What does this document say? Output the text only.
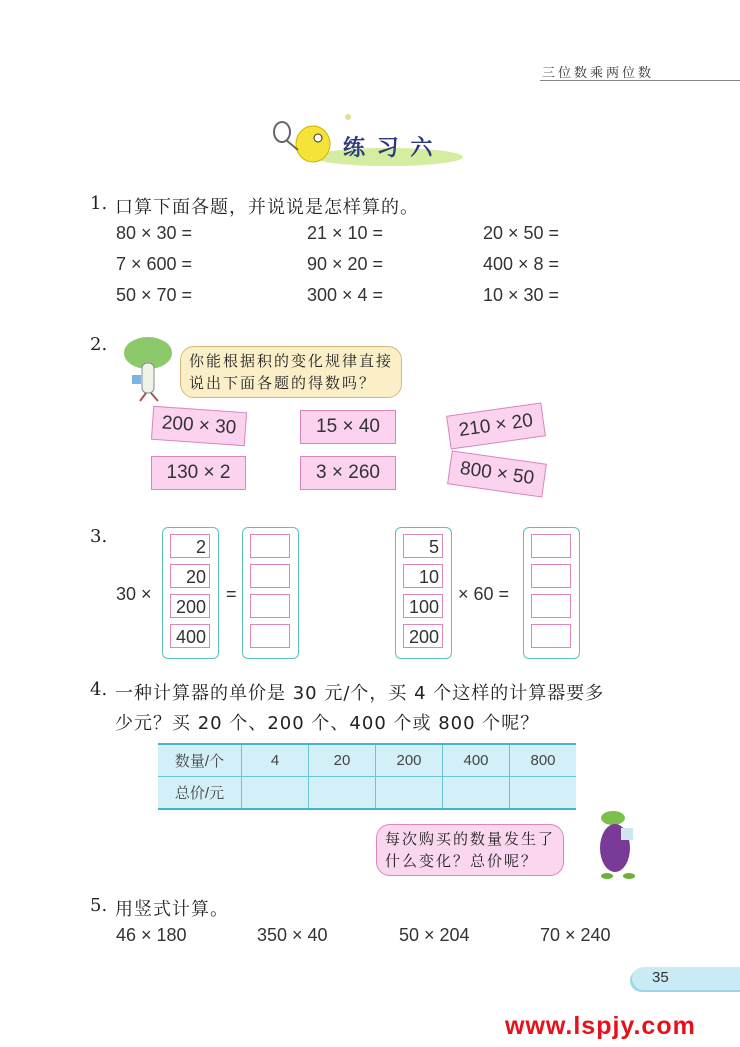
三位数乘两位数
练 习 六
1. 口算下面各题，并说说是怎样算的。
80 × 30 =	21 × 10 =	20 × 50 =
7 × 600 =	90 × 20 =	400 × 8 =
50 × 70 =	300 × 4 =	10 × 30 =
2.
你能根据积的变化规律直接
说出下面各题的得数吗？
200 × 30
130 × 2
15 × 40
3 × 260
210 × 20
800 × 50
3.
30 ×
2
20
200
400
=
5
10
100
200
× 60 =
4. 一种计算器的单价是 30 元/个，买 4 个这样的计算器要多
少元？买 20 个、200 个、400 个或 800 个呢？
数量/个	4	20	200	400	800
总价/元					
每次购买的数量发生了
什么变化？总价呢？
5. 用竖式计算。
46 × 180	350 × 40	50 × 204	70 × 240
35
www.lspjy.com
